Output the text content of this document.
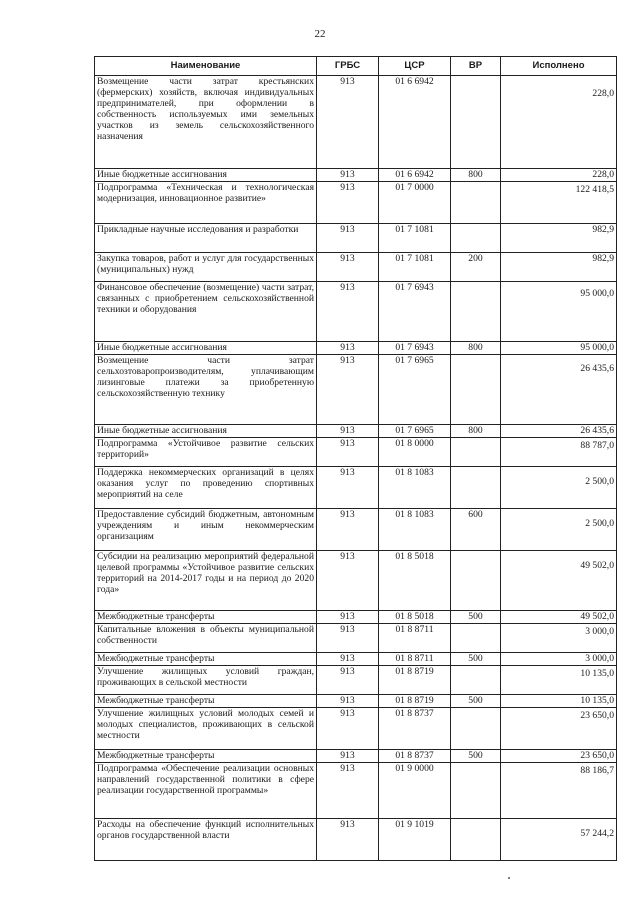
22
Наименование	ГРБС	ЦСР	ВР	Исполнено
Возмещение части затрат крестьянских (фермерских) хозяйств, включая индивидуальных предпринимателей, при оформлении в собственность используемых ими земельных участков из земель сельскохозяйственного назначения	913	01 6 6942		228,0
Иные бюджетные ассигнования	913	01 6 6942	800	228,0
Подпрограмма «Техническая и технологическая модернизация, инновационное развитие»	913	01 7 0000		122 418,5
Прикладные научные исследования и разработки	913	01 7 1081		982,9
Закупка товаров, работ и услуг для государственных (муниципальных) нужд	913	01 7 1081	200	982,9
Финансовое обеспечение (возмещение) части затрат, связанных с приобретением сельскохозяйственной техники и оборудования	913	01 7 6943		95 000,0
Иные бюджетные ассигнования	913	01 7 6943	800	95 000,0
Возмещение части затрат сельхозтоваропроизводителям, уплачивающим лизинговые платежи за приобретенную сельскохозяйственную технику	913	01 7 6965		26 435,6
Иные бюджетные ассигнования	913	01 7 6965	800	26 435,6
Подпрограмма «Устойчивое развитие сельских территорий»	913	01 8 0000		88 787,0
Поддержка некоммерческих организаций в целях оказания услуг по проведению спортивных мероприятий на селе	913	01 8 1083		2 500,0
Предоставление субсидий бюджетным, автономным учреждениям и иным некоммерческим организациям	913	01 8 1083	600	2 500,0
Субсидии на реализацию мероприятий федеральной целевой программы «Устойчивое развитие сельских территорий на 2014-2017 годы и на период до 2020 года»	913	01 8 5018		49 502,0
Межбюджетные трансферты	913	01 8 5018	500	49 502,0
Капитальные вложения в объекты муниципальной собственности	913	01 8 8711		3 000,0
Межбюджетные трансферты	913	01 8 8711	500	3 000,0
Улучшение жилищных условий граждан, проживающих в сельской местности	913	01 8 8719		10 135,0
Межбюджетные трансферты	913	01 8 8719	500	10 135,0
Улучшение жилищных условий молодых семей и молодых специалистов, проживающих в сельской местности	913	01 8 8737		23 650,0
Межбюджетные трансферты	913	01 8 8737	500	23 650,0
Подпрограмма «Обеспечение реализации основных направлений государственной политики в сфере реализации государственной программы»	913	01 9 0000		88 186,7
Расходы на обеспечение функций исполнительных органов государственной власти	913	01 9 1019		57 244,2
